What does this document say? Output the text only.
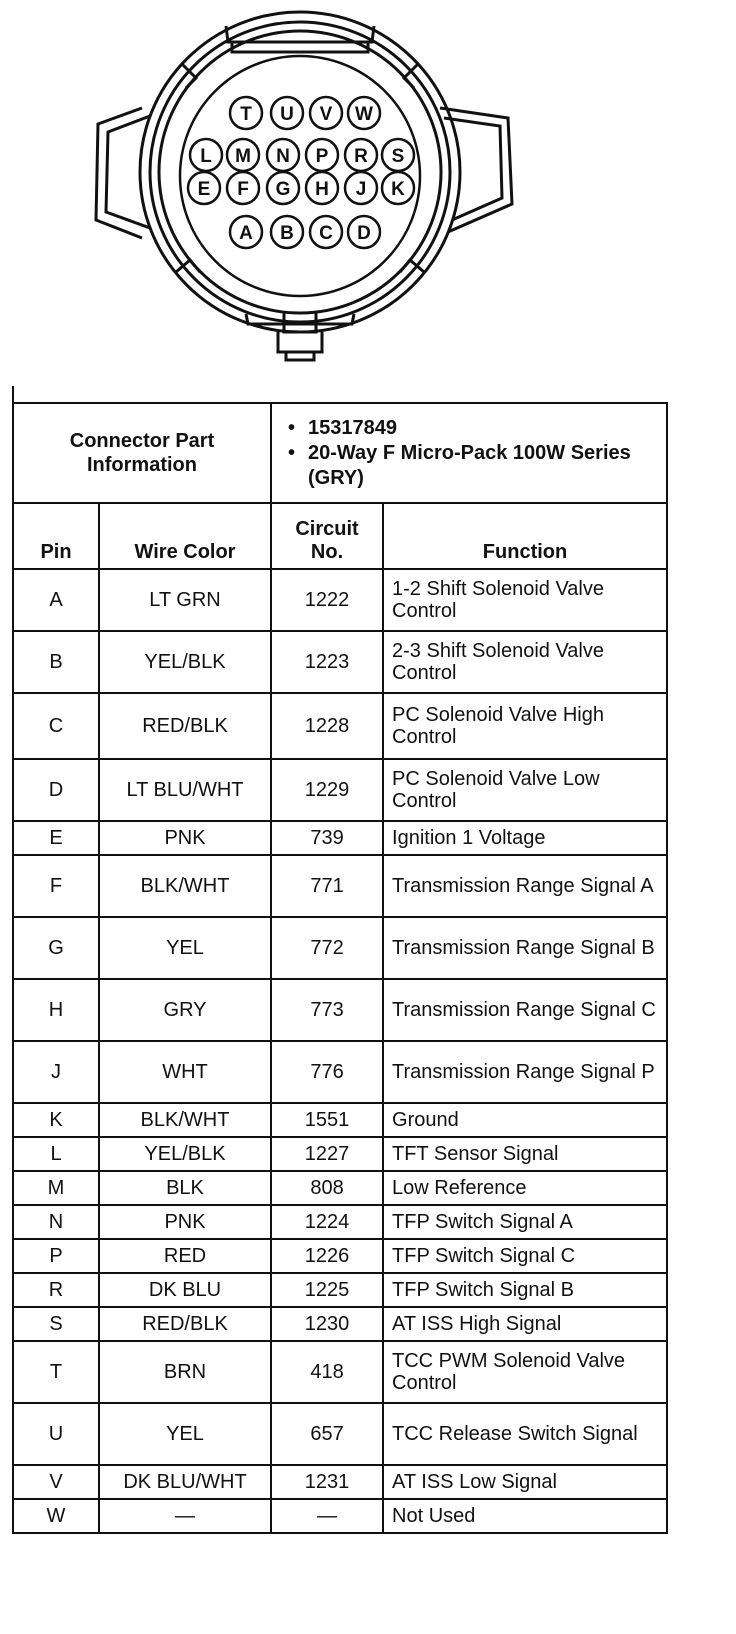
T U V W
L M N P R S
E F G H J K
A B C D
Connector Part Information		• 15317849
• 20-Way F Micro-Pack 100W Series (GRY)

Pin	Wire Color	Circuit No.	Function
A	LT GRN	1222	1-2 Shift Solenoid Valve Control
B	YEL/BLK	1223	2-3 Shift Solenoid Valve Control
C	RED/BLK	1228	PC Solenoid Valve High Control
D	LT BLU/WHT	1229	PC Solenoid Valve Low Control
E	PNK	739	Ignition 1 Voltage
F	BLK/WHT	771	Transmission Range Signal A
G	YEL	772	Transmission Range Signal B
H	GRY	773	Transmission Range Signal C
J	WHT	776	Transmission Range Signal P
K	BLK/WHT	1551	Ground
L	YEL/BLK	1227	TFT Sensor Signal
M	BLK	808	Low Reference
N	PNK	1224	TFP Switch Signal A
P	RED	1226	TFP Switch Signal C
R	DK BLU	1225	TFP Switch Signal B
S	RED/BLK	1230	AT ISS High Signal
T	BRN	418	TCC PWM Solenoid Valve Control
U	YEL	657	TCC Release Switch Signal
V	DK BLU/WHT	1231	AT ISS Low Signal
W	—	—	Not Used
